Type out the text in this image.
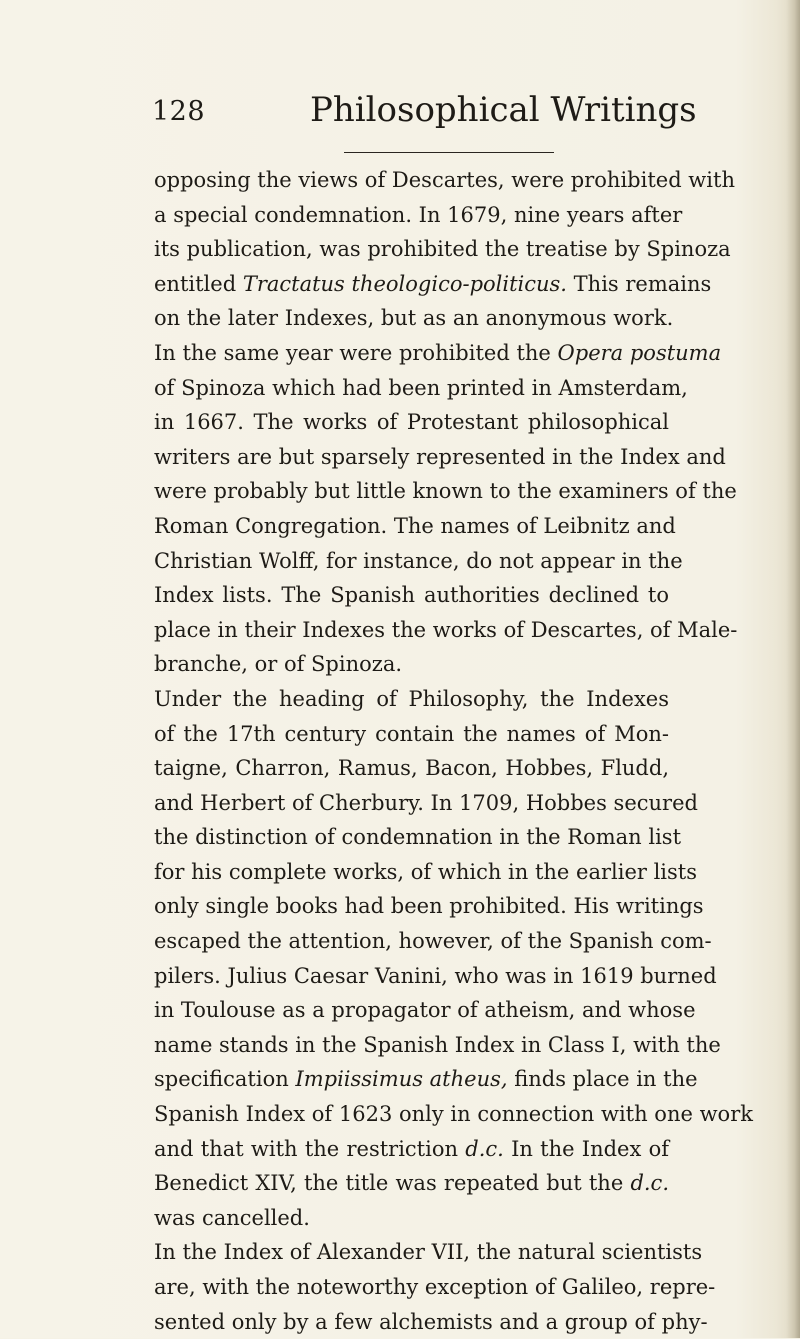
128	Philosophical Writings
opposing the views of Descartes, were prohibited with
a special condemnation. In 1679, nine years after
its publication, was prohibited the treatise by Spinoza
entitled Tractatus theologico-politicus. This remains
on the later Indexes, but as an anonymous work.
In the same year were prohibited the Opera postuma
of Spinoza which had been printed in Amsterdam,
in 1667. The works of Protestant philosophical
writers are but sparsely represented in the Index and
were probably but little known to the examiners of the
Roman Congregation. The names of Leibnitz and
Christian Wolff, for instance, do not appear in the
Index lists. The Spanish authorities declined to
place in their Indexes the works of Descartes, of Male-
branche, or of Spinoza.
Under the heading of Philosophy, the Indexes
of the 17th century contain the names of Mon-
taigne, Charron, Ramus, Bacon, Hobbes, Fludd,
and Herbert of Cherbury. In 1709, Hobbes secured
the distinction of condemnation in the Roman list
for his complete works, of which in the earlier lists
only single books had been prohibited. His writings
escaped the attention, however, of the Spanish com-
pilers. Julius Caesar Vanini, who was in 1619 burned
in Toulouse as a propagator of atheism, and whose
name stands in the Spanish Index in Class I, with the
specification Impiissimus atheus, finds place in the
Spanish Index of 1623 only in connection with one work
and that with the restriction d.c. In the Index of
Benedict XIV, the title was repeated but the d.c.
was cancelled.
In the Index of Alexander VII, the natural scientists
are, with the noteworthy exception of Galileo, repre-
sented only by a few alchemists and a group of phy-
